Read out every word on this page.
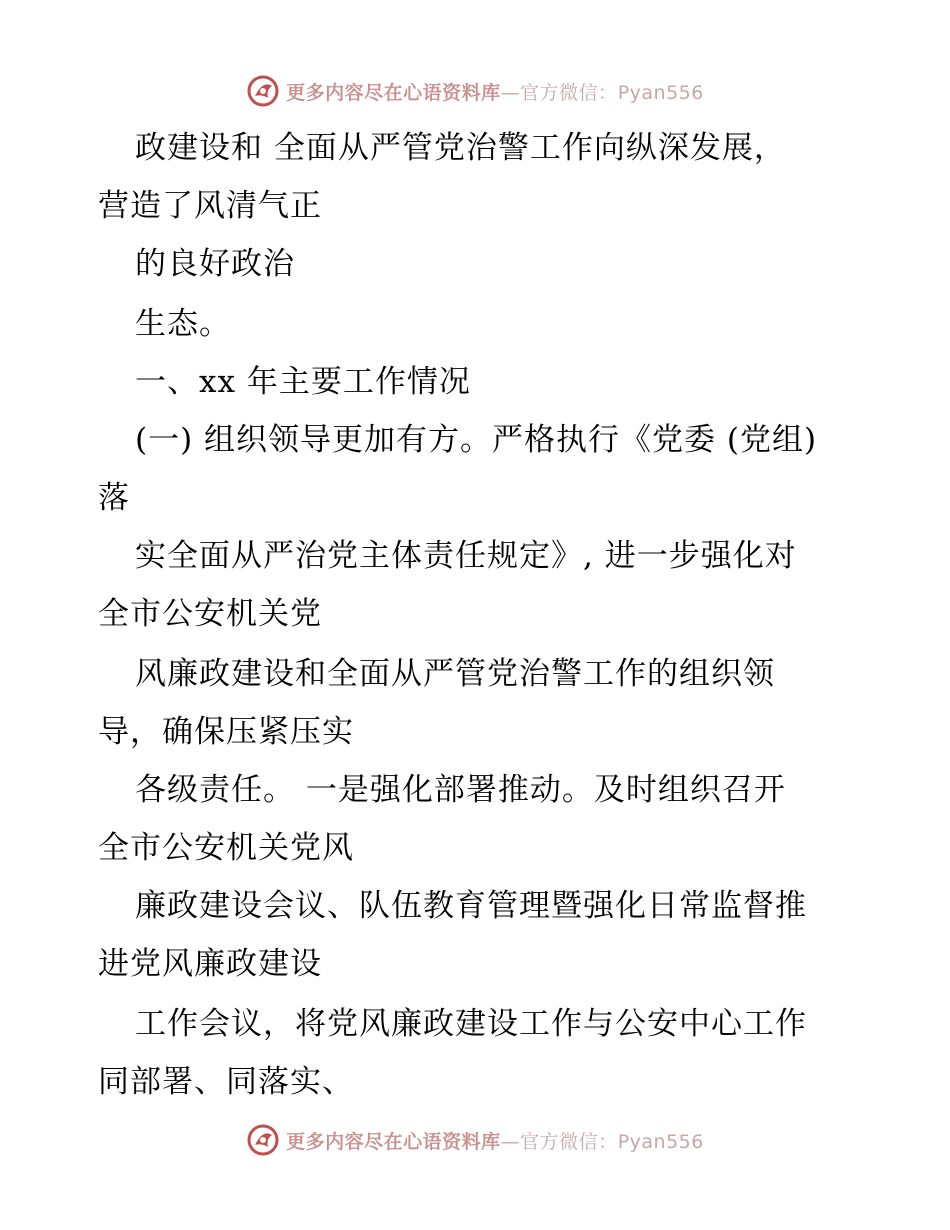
更多内容尽在心语资料库—官方微信：Pyan556
政建设和 全面从严管党治警工作向纵深发展，
营造了风清气正
的良好政治
生态。
一、xx 年主要工作情况
(一) 组织领导更加有方。严格执行《党委 (党组)
落
实全面从严治党主体责任规定》, 进一步强化对
全市公安机关党
风廉政建设和全面从严管党治警工作的组织领
导，确保压紧压实
各级责任。 一是强化部署推动。及时组织召开
全市公安机关党风
廉政建设会议、队伍教育管理暨强化日常监督推
进党风廉政建设
工作会议，将党风廉政建设工作与公安中心工作
同部署、同落实、
更多内容尽在心语资料库—官方微信：Pyan556
